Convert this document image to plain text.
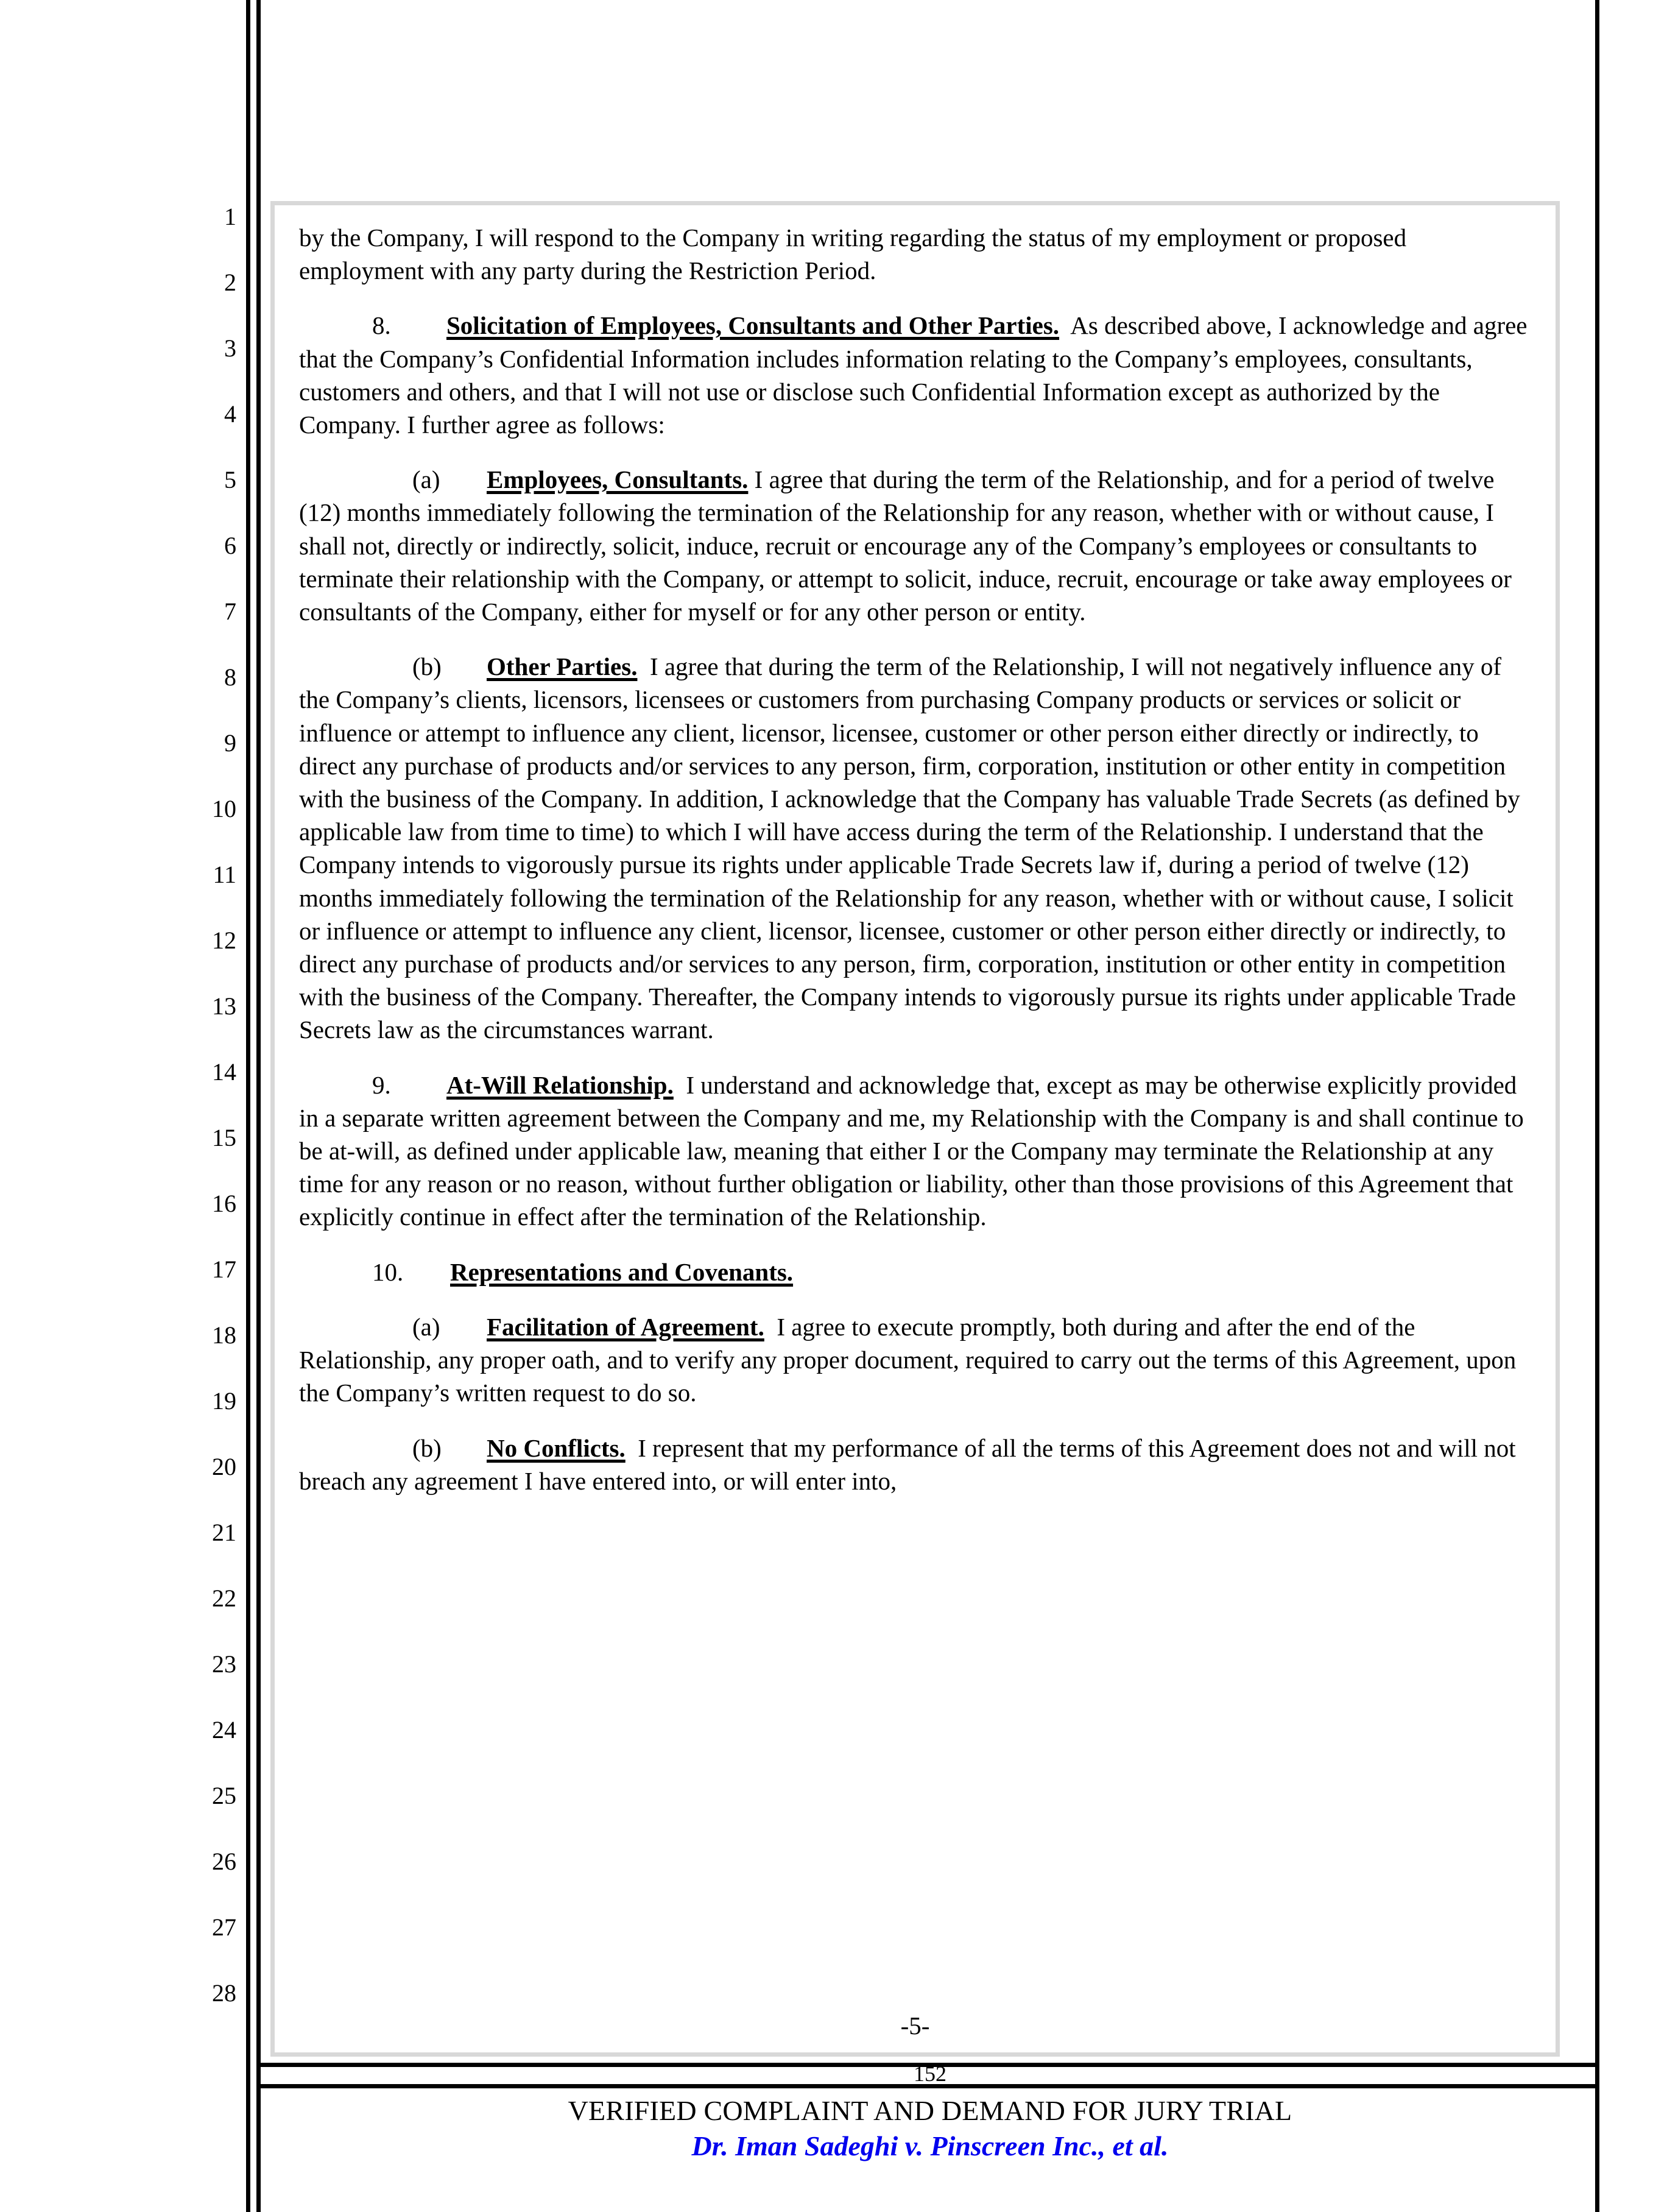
1
2
3
4
5
6
7
8
9
10
11
12
13
14
15
16
17
18
19
20
21
22
23
24
25
26
27
28

by the Company, I will respond to the Company in writing regarding the status of my employment or proposed employment with any party during the Restriction Period.

8. Solicitation of Employees, Consultants and Other Parties. As described above, I acknowledge and agree that the Company’s Confidential Information includes information relating to the Company’s employees, consultants, customers and others, and that I will not use or disclose such Confidential Information except as authorized by the Company. I further agree as follows:

(a) Employees, Consultants. I agree that during the term of the Relationship, and for a period of twelve (12) months immediately following the termination of the Relationship for any reason, whether with or without cause, I shall not, directly or indirectly, solicit, induce, recruit or encourage any of the Company’s employees or consultants to terminate their relationship with the Company, or attempt to solicit, induce, recruit, encourage or take away employees or consultants of the Company, either for myself or for any other person or entity.

(b) Other Parties. I agree that during the term of the Relationship, I will not negatively influence any of the Company’s clients, licensors, licensees or customers from purchasing Company products or services or solicit or influence or attempt to influence any client, licensor, licensee, customer or other person either directly or indirectly, to direct any purchase of products and/or services to any person, firm, corporation, institution or other entity in competition with the business of the Company. In addition, I acknowledge that the Company has valuable Trade Secrets (as defined by applicable law from time to time) to which I will have access during the term of the Relationship. I understand that the Company intends to vigorously pursue its rights under applicable Trade Secrets law if, during a period of twelve (12) months immediately following the termination of the Relationship for any reason, whether with or without cause, I solicit or influence or attempt to influence any client, licensor, licensee, customer or other person either directly or indirectly, to direct any purchase of products and/or services to any person, firm, corporation, institution or other entity in competition with the business of the Company. Thereafter, the Company intends to vigorously pursue its rights under applicable Trade Secrets law as the circumstances warrant.

9. At-Will Relationship. I understand and acknowledge that, except as may be otherwise explicitly provided in a separate written agreement between the Company and me, my Relationship with the Company is and shall continue to be at-will, as defined under applicable law, meaning that either I or the Company may terminate the Relationship at any time for any reason or no reason, without further obligation or liability, other than those provisions of this Agreement that explicitly continue in effect after the termination of the Relationship.

10. Representations and Covenants.

(a) Facilitation of Agreement. I agree to execute promptly, both during and after the end of the Relationship, any proper oath, and to verify any proper document, required to carry out the terms of this Agreement, upon the Company’s written request to do so.

(b) No Conflicts. I represent that my performance of all the terms of this Agreement does not and will not breach any agreement I have entered into, or will enter into,

-5-
152
VERIFIED COMPLAINT AND DEMAND FOR JURY TRIAL
Dr. Iman Sadeghi v. Pinscreen Inc., et al.
